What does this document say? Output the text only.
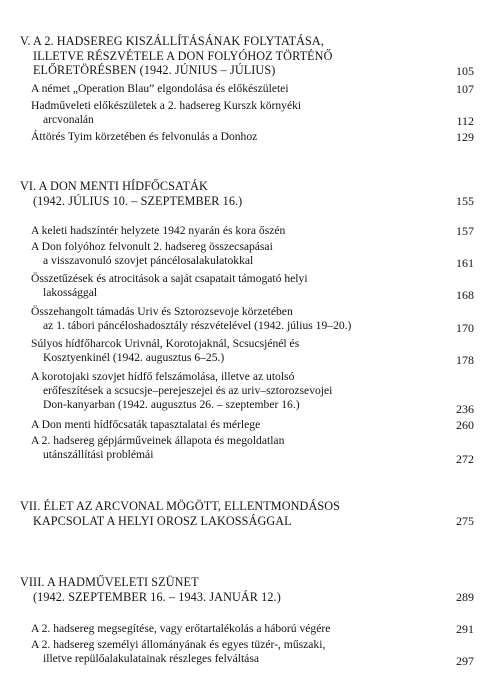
V. A 2. HADSEREG KISZÁLLÍTÁSÁNAK FOLYTATÁSA,
ILLETVE RÉSZVÉTELE A DON FOLYÓHOZ TÖRTÉNŐ
ELŐRETÖRÉSBEN (1942. JÚNIUS – JÚLIUS)	105
A német „Operation Blau” elgondolása és előkészületei	107
Hadműveleti előkészületek a 2. hadsereg Kurszk környéki
arcvonalán	112
Áttörés Tyim körzetében és felvonulás a Donhoz	129
VI. A DON MENTI HÍDFŐCSATÁK
(1942. JÚLIUS 10. – SZEPTEMBER 16.)	155
A keleti hadszíntér helyzete 1942 nyarán és kora őszén	157
A Don folyóhoz felvonult 2. hadsereg összecsapásai
a visszavonuló szovjet páncélosalakulatokkal	161
Összetűzések és atrocitások a saját csapatait támogató helyi
lakossággal	168
Összehangolt támadás Uriv és Sztorozsevoje körzetében
az 1. tábori páncéloshadosztály részvételével (1942. július 19–20.)	170
Súlyos hídfőharcok Urivnál, Korotojaknál, Scsucsjénél és
Kosztyenkinél (1942. augusztus 6–25.)	178
A korotojaki szovjet hídfő felszámolása, illetve az utolsó
erőfeszítések a scsucsje–perejeszejei és az uriv–sztorozsevojei
Don-kanyarban (1942. augusztus 26. – szeptember 16.)	236
A Don menti hídfőcsaták tapasztalatai és mérlege	260
A 2. hadsereg gépjárműveinek állapota és megoldatlan
utánszállítási problémái	272
VII. ÉLET AZ ARCVONAL MÖGÖTT, ELLENTMONDÁSOS
KAPCSOLAT A HELYI OROSZ LAKOSSÁGGAL	275
VIII. A HADMŰVELETI SZÜNET
(1942. SZEPTEMBER 16. – 1943. JANUÁR 12.)	289
A 2. hadsereg megsegítése, vagy erőtartalékolás a háború végére	291
A 2. hadsereg személyi állományának és egyes tüzér-, műszaki,
illetve repülőalakulatainak részleges felváltása	297
